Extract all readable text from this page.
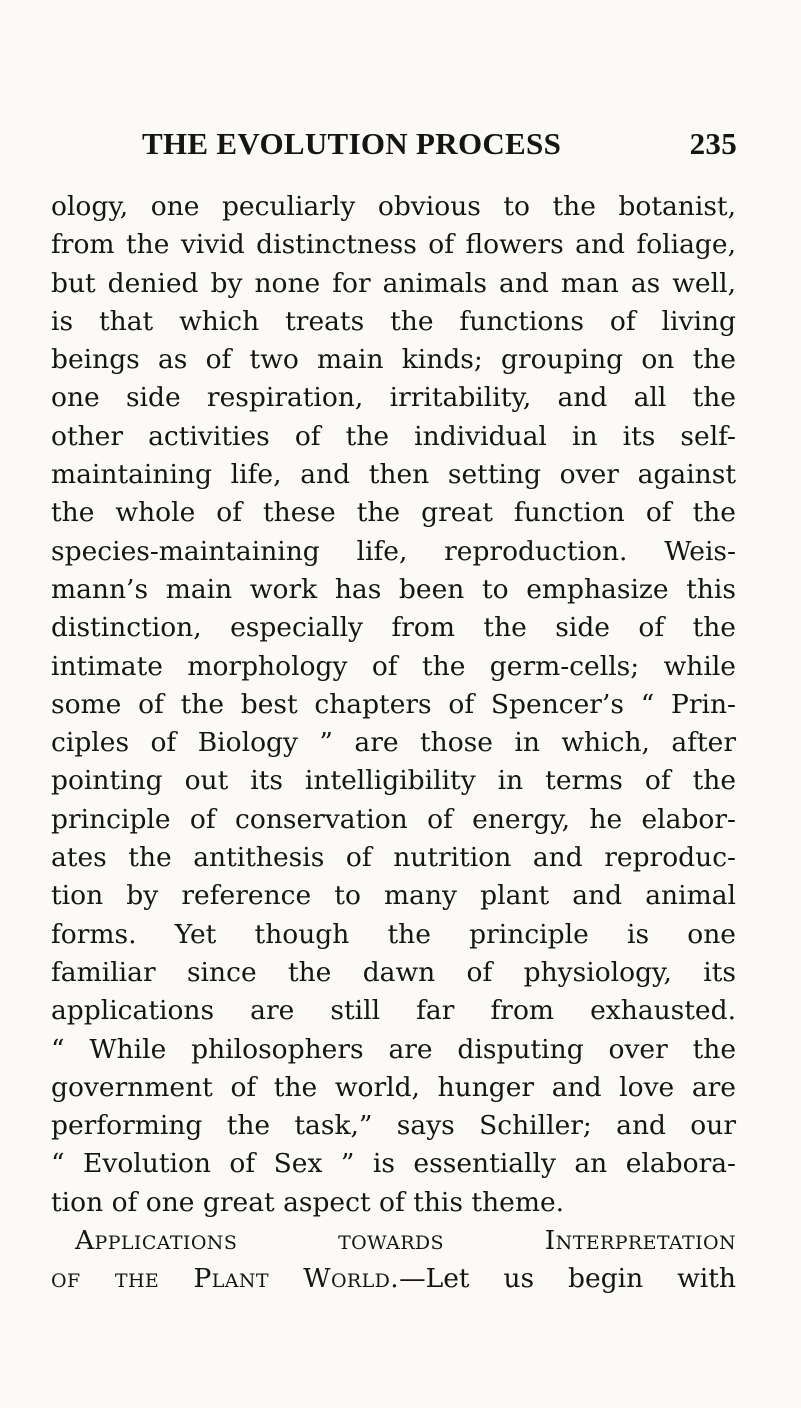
THE EVOLUTION PROCESS	235
ology, one peculiarly obvious to the botanist,
from the vivid distinctness of flowers and foliage,
but denied by none for animals and man as well,
is that which treats the functions of living
beings as of two main kinds; grouping on the
one side respiration, irritability, and all the
other activities of the individual in its self-
maintaining life, and then setting over against
the whole of these the great function of the
species-maintaining life, reproduction. Weis-
mann’s main work has been to emphasize this
distinction, especially from the side of the
intimate morphology of the germ-cells; while
some of the best chapters of Spencer’s “ Prin-
ciples of Biology ” are those in which, after
pointing out its intelligibility in terms of the
principle of conservation of energy, he elabor-
ates the antithesis of nutrition and reproduc-
tion by reference to many plant and animal
forms. Yet though the principle is one
familiar since the dawn of physiology, its
applications are still far from exhausted.
“ While philosophers are disputing over the
government of the world, hunger and love are
performing the task,” says Schiller; and our
“ Evolution of Sex ” is essentially an elabora-
tion of one great aspect of this theme.
Applications towards Interpretation
of the Plant World.—Let us begin with
